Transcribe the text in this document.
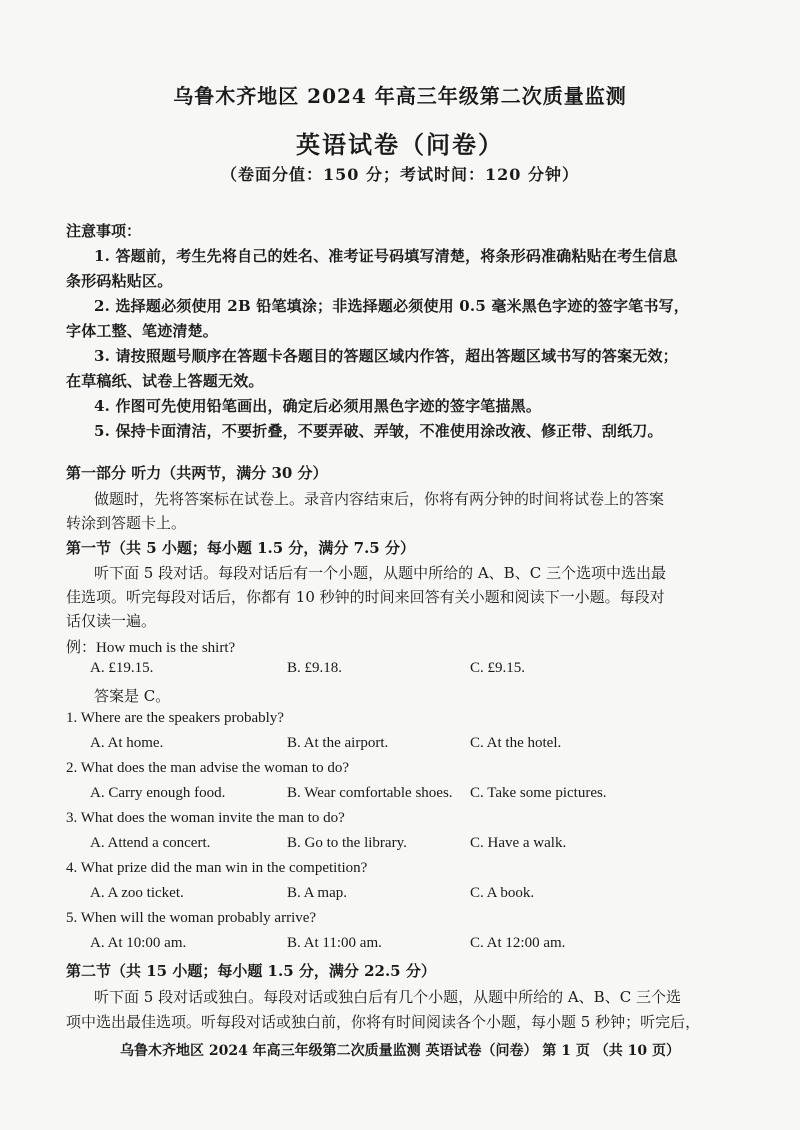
乌鲁木齐地区 2024 年高三年级第二次质量监测
英语试卷（问卷）
（卷面分值：150 分；考试时间：120 分钟）
注意事项：
1. 答题前，考生先将自己的姓名、准考证号码填写清楚，将条形码准确粘贴在考生信息
条形码粘贴区。
2. 选择题必须使用 2B 铅笔填涂；非选择题必须使用 0.5 毫米黑色字迹的签字笔书写，
字体工整、笔迹清楚。
3. 请按照题号顺序在答题卡各题目的答题区域内作答，超出答题区域书写的答案无效；
在草稿纸、试卷上答题无效。
4. 作图可先使用铅笔画出，确定后必须用黑色字迹的签字笔描黑。
5. 保持卡面清洁，不要折叠，不要弄破、弄皱，不准使用涂改液、修正带、刮纸刀。
第一部分 听力（共两节，满分 30 分）
做题时，先将答案标在试卷上。录音内容结束后，你将有两分钟的时间将试卷上的答案
转涂到答题卡上。
第一节（共 5 小题；每小题 1.5 分，满分 7.5 分）
听下面 5 段对话。每段对话后有一个小题，从题中所给的 A、B、C 三个选项中选出最
佳选项。听完每段对话后，你都有 10 秒钟的时间来回答有关小题和阅读下一小题。每段对
话仅读一遍。
例：How much is the shirt?
A. £19.15.	B. £9.18.	C. £9.15.
答案是 C。
1. Where are the speakers probably?
A. At home.	B. At the airport.	C. At the hotel.
2. What does the man advise the woman to do?
A. Carry enough food.	B. Wear comfortable shoes. C. Take some pictures.
3. What does the woman invite the man to do?
A. Attend a concert.	B. Go to the library.	C. Have a walk.
4. What prize did the man win in the competition?
A. A zoo ticket.	B. A map.	C. A book.
5. When will the woman probably arrive?
A. At 10:00 am.	B. At 11:00 am.	C. At 12:00 am.
第二节（共 15 小题；每小题 1.5 分，满分 22.5 分）
听下面 5 段对话或独白。每段对话或独白后有几个小题，从题中所给的 A、B、C 三个选
项中选出最佳选项。听每段对话或独白前，你将有时间阅读各个小题，每小题 5 秒钟；听完后，
乌鲁木齐地区 2024 年高三年级第二次质量监测 英语试卷（问卷） 第 1 页 （共 10 页）
